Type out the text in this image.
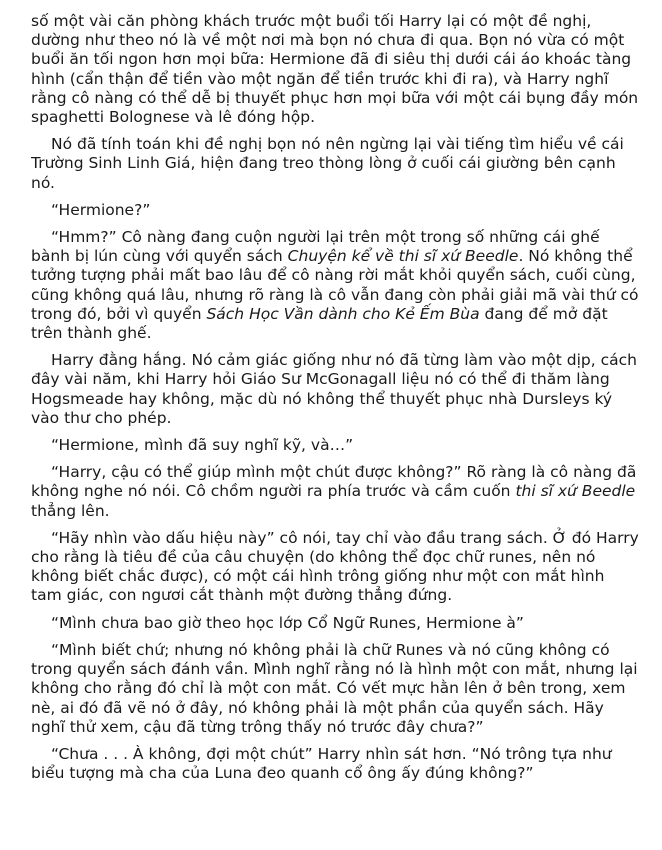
số một vài căn phòng khách trước một buổi tối Harry lại có một đề nghị, dường như theo nó là về một nơi mà bọn nó chưa đi qua. Bọn nó vừa có một buổi ăn tối ngon hơn mọi bữa: Hermione đã đi siêu thị dưới cái áo khoác tàng hình (cẩn thận để tiền vào một ngăn để tiền trước khi đi ra), và Harry nghĩ rằng cô nàng có thể dễ bị thuyết phục hơn mọi bữa với một cái bụng đầy món spaghetti Bolognese và lê đóng hộp.

Nó đã tính toán khi đề nghị bọn nó nên ngừng lại vài tiếng tìm hiểu về cái Trường Sinh Linh Giá, hiện đang treo thòng lòng ở cuối cái giường bên cạnh nó.

“Hermione?”

“Hmm?” Cô nàng đang cuộn người lại trên một trong số những cái ghế bành bị lún cùng với quyển sách Chuyện kể về thi sĩ xứ Beedle. Nó không thể tưởng tượng phải mất bao lâu để cô nàng rời mắt khỏi quyển sách, cuối cùng, cũng không quá lâu, nhưng rõ ràng là cô vẫn đang còn phải giải mã vài thứ có trong đó, bởi vì quyển Sách Học Vần dành cho Kẻ Ếm Bùa đang để mở đặt trên thành ghế.

Harry đằng hắng. Nó cảm giác giống như nó đã từng làm vào một dịp, cách đây vài năm, khi Harry hỏi Giáo Sư McGonagall liệu nó có thể đi thăm làng Hogsmeade hay không, mặc dù nó không thể thuyết phục nhà Dursleys ký vào thư cho phép.

“Hermione, mình đã suy nghĩ kỹ, và…”

“Harry, cậu có thể giúp mình một chút được không?” Rõ ràng là cô nàng đã không nghe nó nói. Cô chồm người ra phía trước và cầm cuốn thi sĩ xứ Beedle thẳng lên.

“Hãy nhìn vào dấu hiệu này” cô nói, tay chỉ vào đầu trang sách. Ở đó Harry cho rằng là tiêu đề của câu chuyện (do không thể đọc chữ runes, nên nó không biết chắc được), có một cái hình trông giống như một con mắt hình tam giác, con ngươi cắt thành một đường thẳng đứng.

“Mình chưa bao giờ theo học lớp Cổ Ngữ Runes, Hermione à”

“Mình biết chứ; nhưng nó không phải là chữ Runes và nó cũng không có trong quyển sách đánh vần. Mình nghĩ rằng nó là hình một con mắt, nhưng lại không cho rằng đó chỉ là một con mắt. Có vết mực hằn lên ở bên trong, xem nè, ai đó đã vẽ nó ở đây, nó không phải là một phần của quyển sách. Hãy nghĩ thử xem, cậu đã từng trông thấy nó trước đây chưa?”

“Chưa . . . À không, đợi một chút” Harry nhìn sát hơn. “Nó trông tựa như biểu tượng mà cha của Luna đeo quanh cổ ông ấy đúng không?”
